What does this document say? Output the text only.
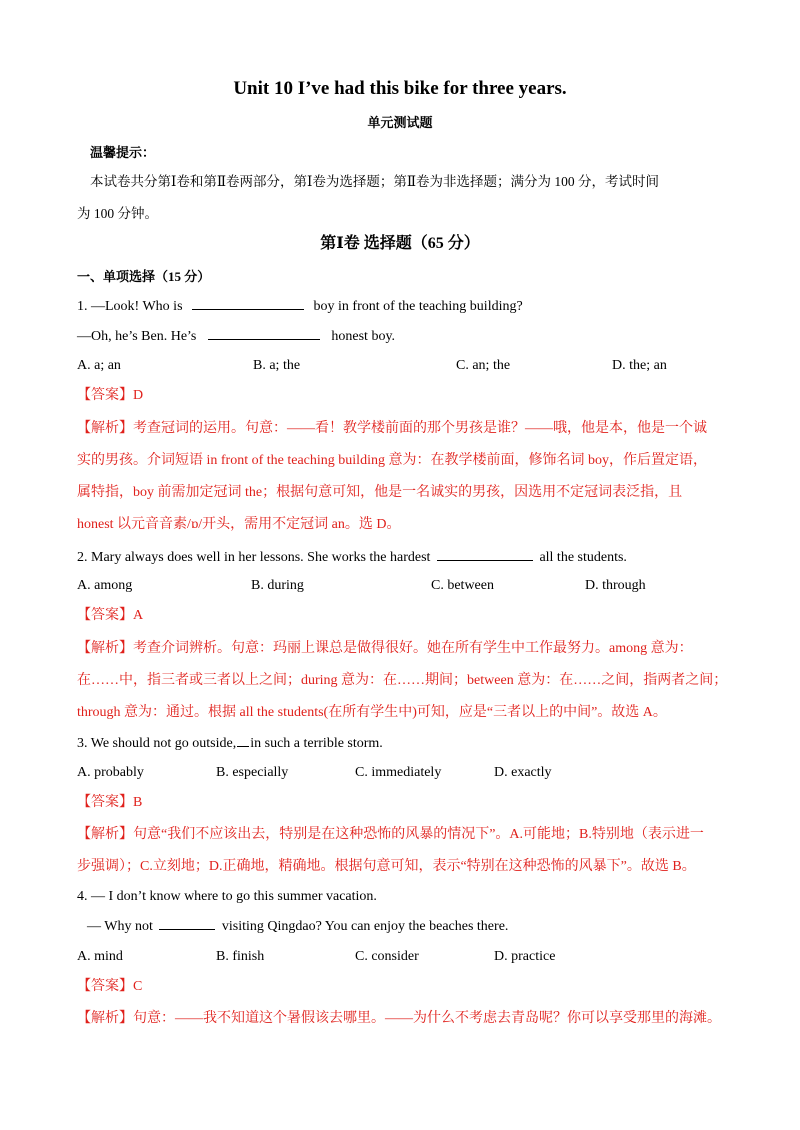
Unit 10 I’ve had this bike for three years.
单元测试题
温馨提示：
本试卷共分第Ⅰ卷和第Ⅱ卷两部分，第Ⅰ卷为选择题；第Ⅱ卷为非选择题；满分为 100 分，考试时间
为 100 分钟。
第Ⅰ卷 选择题（65 分）
一、单项选择（15 分）
1. —Look! Who is	boy in front of the teaching building?
—Oh, he’s Ben. He’s	honest boy.
A. a; an	B. a; the	C. an; the	D. the; an
【答案】D
【解析】考查冠词的运用。句意：——看！教学楼前面的那个男孩是谁？——哦，他是本，他是一个诚
实的男孩。介词短语 in front of the teaching building 意为：在教学楼前面，修饰名词 boy，作后置定语，
属特指，boy 前需加定冠词 the；根据句意可知，他是一名诚实的男孩，因选用不定冠词表泛指，且
honest 以元音音素/ɒ/开头，需用不定冠词 an。选 D。
2. Mary always does well in her lessons. She works the hardest	all the students.
A. among	B. during	C. between	D. through
【答案】A
【解析】考查介词辨析。句意：玛丽上课总是做得很好。她在所有学生中工作最努力。among 意为：
在……中，指三者或三者以上之间；during 意为：在……期间；between 意为：在……之间，指两者之间；
through 意为：通过。根据 all the students(在所有学生中)可知，应是“三者以上的中间”。故选 A。
3. We should not go outside, in such a terrible storm.
A. probably	B. especially	C. immediately	D. exactly
【答案】B
【解析】句意“我们不应该出去，特别是在这种恐怖的风暴的情况下”。A.可能地；B.特别地（表示进一
步强调）；C.立刻地；D.正确地，精确地。根据句意可知，表示“特别在这种恐怖的风暴下”。故选 B。
4. — I don’t know where to go this summer vacation.
— Why not	visiting Qingdao? You can enjoy the beaches there.
A. mind	B. finish	C. consider	D. practice
【答案】C
【解析】句意：——我不知道这个暑假该去哪里。——为什么不考虑去青岛呢？你可以享受那里的海滩。
